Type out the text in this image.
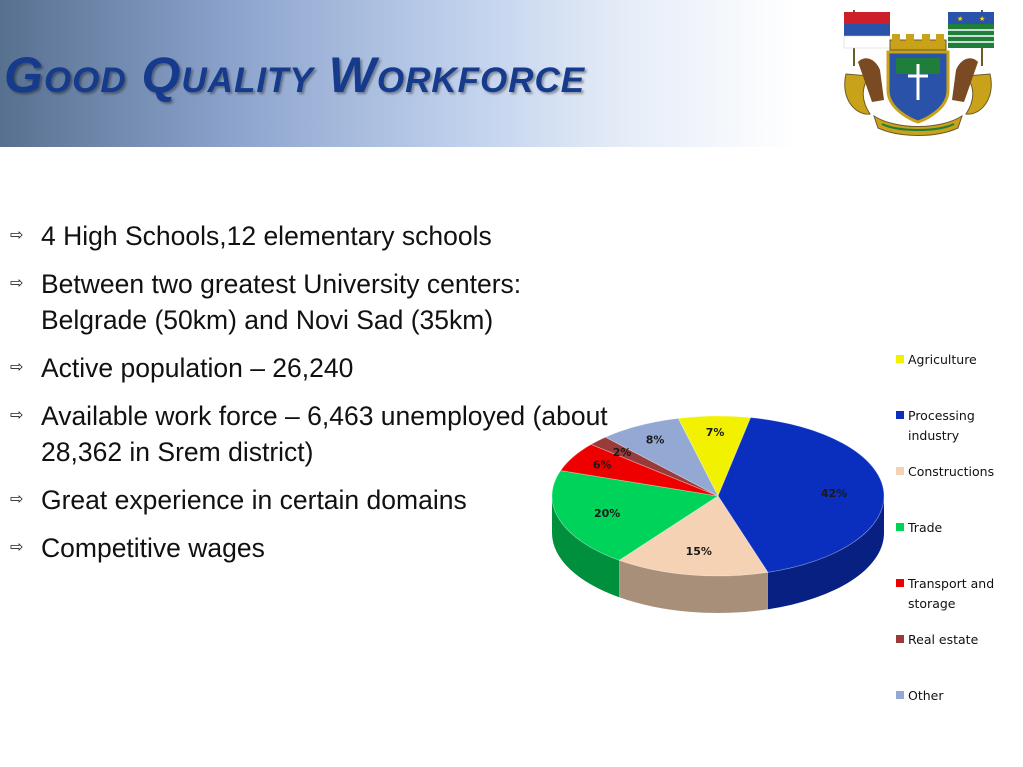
Good Quality Workforce
★ ★
⇨ 4 High Schools,12 elementary schools
⇨ Between two greatest University centers: Belgrade (50km) and Novi Sad (35km)
⇨ Active population – 26,240
⇨ Available work force – 6,463 unemployed (about 28,362 in Srem district)
⇨ Great experience in certain domains
⇨ Competitive wages
7%
42%
15%
20%
6%
2%
8%
Agriculture
Processing industry
Constructions
Trade
Transport and storage
Real estate
Other
